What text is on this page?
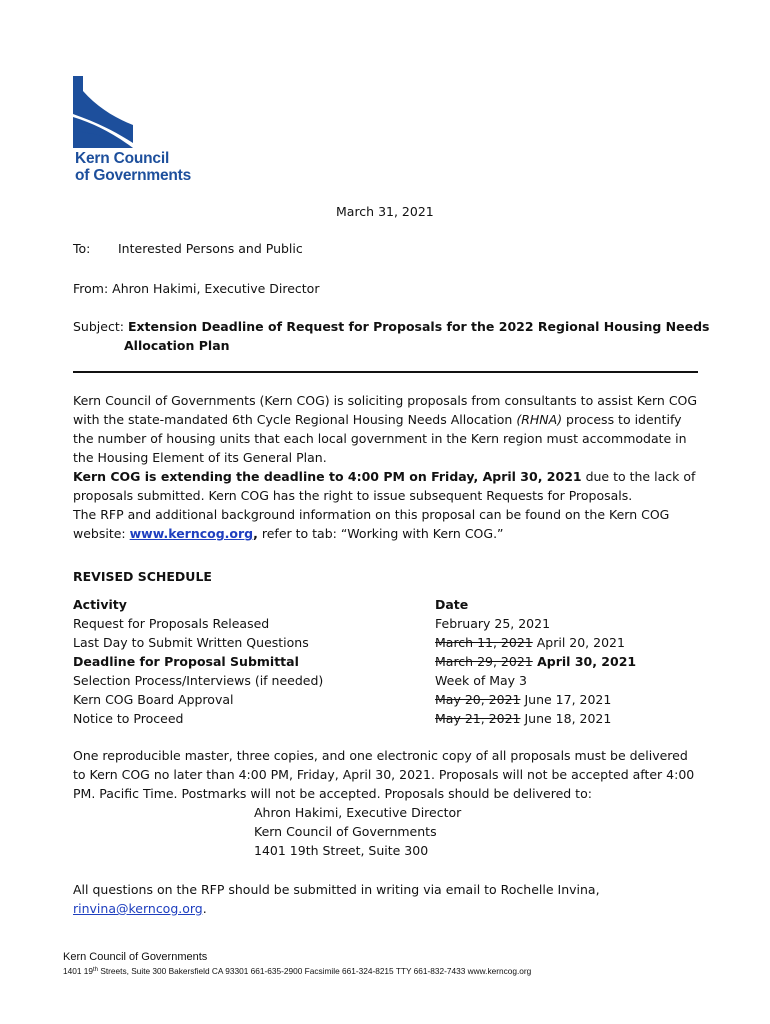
Kern Council
of Governments
March 31, 2021
To: Interested Persons and Public
From: Ahron Hakimi, Executive Director
Subject: Extension Deadline of Request for Proposals for the 2022 Regional Housing Needs
Allocation Plan
Kern Council of Governments (Kern COG) is soliciting proposals from consultants to assist Kern COG with the state-mandated 6th Cycle Regional Housing Needs Allocation (RHNA) process to identify the number of housing units that each local government in the Kern region must accommodate in the Housing Element of its General Plan.
Kern COG is extending the deadline to 4:00 PM on Friday, April 30, 2021 due to the lack of proposals submitted. Kern COG has the right to issue subsequent Requests for Proposals.
The RFP and additional background information on this proposal can be found on the Kern COG website: www.kerncog.org, refer to tab: “Working with Kern COG.”
REVISED SCHEDULE
Activity	Date
Request for Proposals Released	February 25, 2021
Last Day to Submit Written Questions	March 11, 2021 April 20, 2021
Deadline for Proposal Submittal	March 29, 2021 April 30, 2021
Selection Process/Interviews (if needed)	Week of May 3
Kern COG Board Approval	May 20, 2021 June 17, 2021
Notice to Proceed	May 21, 2021 June 18, 2021
One reproducible master, three copies, and one electronic copy of all proposals must be delivered to Kern COG no later than 4:00 PM, Friday, April 30, 2021. Proposals will not be accepted after 4:00 PM. Pacific Time. Postmarks will not be accepted. Proposals should be delivered to:
Ahron Hakimi, Executive Director
Kern Council of Governments
1401 19th Street, Suite 300
All questions on the RFP should be submitted in writing via email to Rochelle Invina,
rinvina@kerncog.org.
Kern Council of Governments
1401 19th Streets, Suite 300 Bakersfield CA 93301 661-635-2900 Facsimile 661-324-8215 TTY 661-832-7433 www.kerncog.org
